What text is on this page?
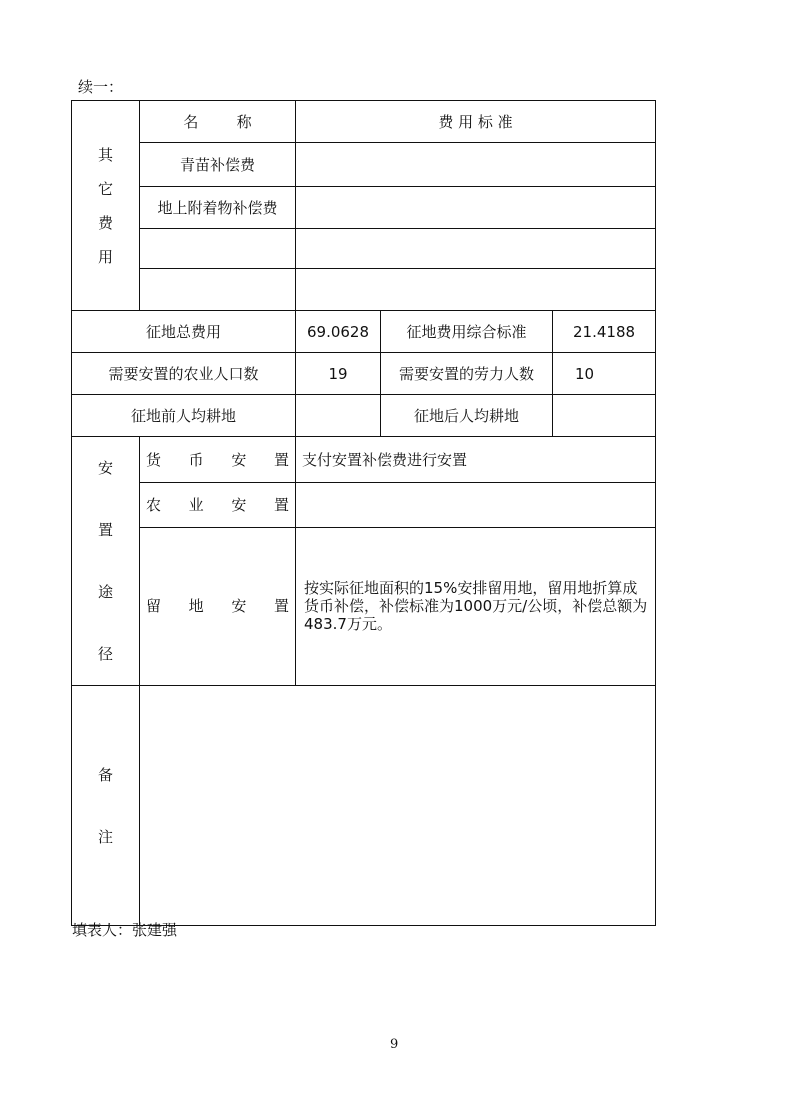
续一：
其它费用	名        称	费 用 标 准		
	青苗补偿费			
	地上附着物补偿费			

征地总费用		69.0628	征地费用综合标准	21.4188
需要安置的农业人口数		19	需要安置的劳力人数	10
征地前人均耕地			征地后人均耕地	
安置途径	货 币 安 置	支付安置补偿费进行安置		

	农 业 安 置			

	留 地 安 置	按实际征地面积的15%安排留用地，留用地折算成货币补偿，补偿标准为1000万元/公顷，补偿总额为483.7万元。		
备注				
填表人：张建强
9
